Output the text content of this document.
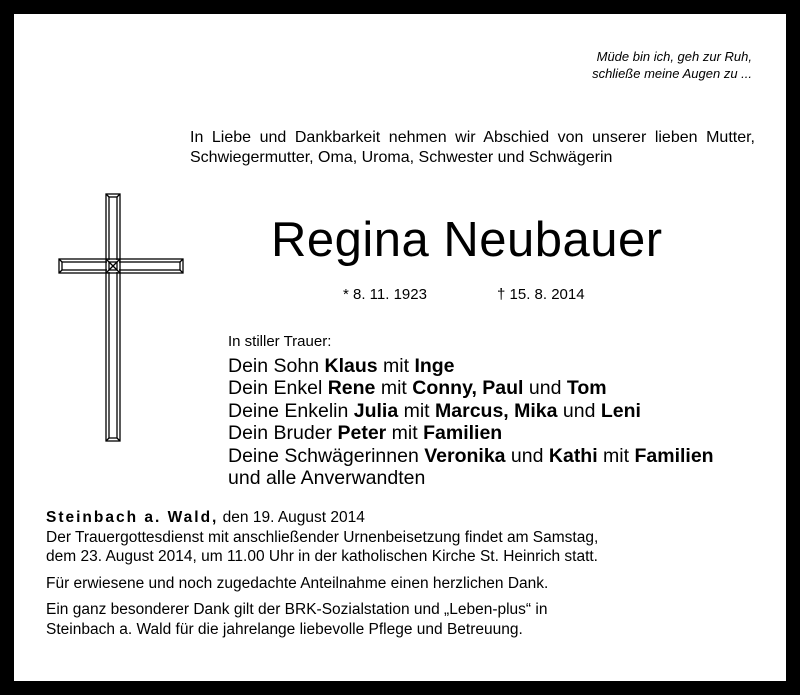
Müde bin ich, geh zur Ruh,
schließe meine Augen zu ...
In Liebe und Dankbarkeit nehmen wir Abschied von unserer lieben Mutter, Schwiegermutter, Oma, Uroma, Schwester und Schwägerin
Regina Neubauer
* 8. 11. 1923	† 15. 8. 2014
In stiller Trauer:
Dein Sohn Klaus mit Inge
Dein Enkel Rene mit Conny, Paul und Tom
Deine Enkelin Julia mit Marcus, Mika und Leni
Dein Bruder Peter mit Familien
Deine Schwägerinnen Veronika und Kathi mit Familien
und alle Anverwandten

Steinbach a. Wald, den 19. August 2014

Der Trauergottesdienst mit anschließender Urnenbeisetzung findet am Samstag,

dem 23. August 2014, um 11.00 Uhr in der katholischen Kirche St. Heinrich statt.

Für erwiesene und noch zugedachte Anteilnahme einen herzlichen Dank.

Ein ganz besonderer Dank gilt der BRK-Sozialstation und „Leben-plus“ in

Steinbach a. Wald für die jahrelange liebevolle Pflege und Betreuung.
